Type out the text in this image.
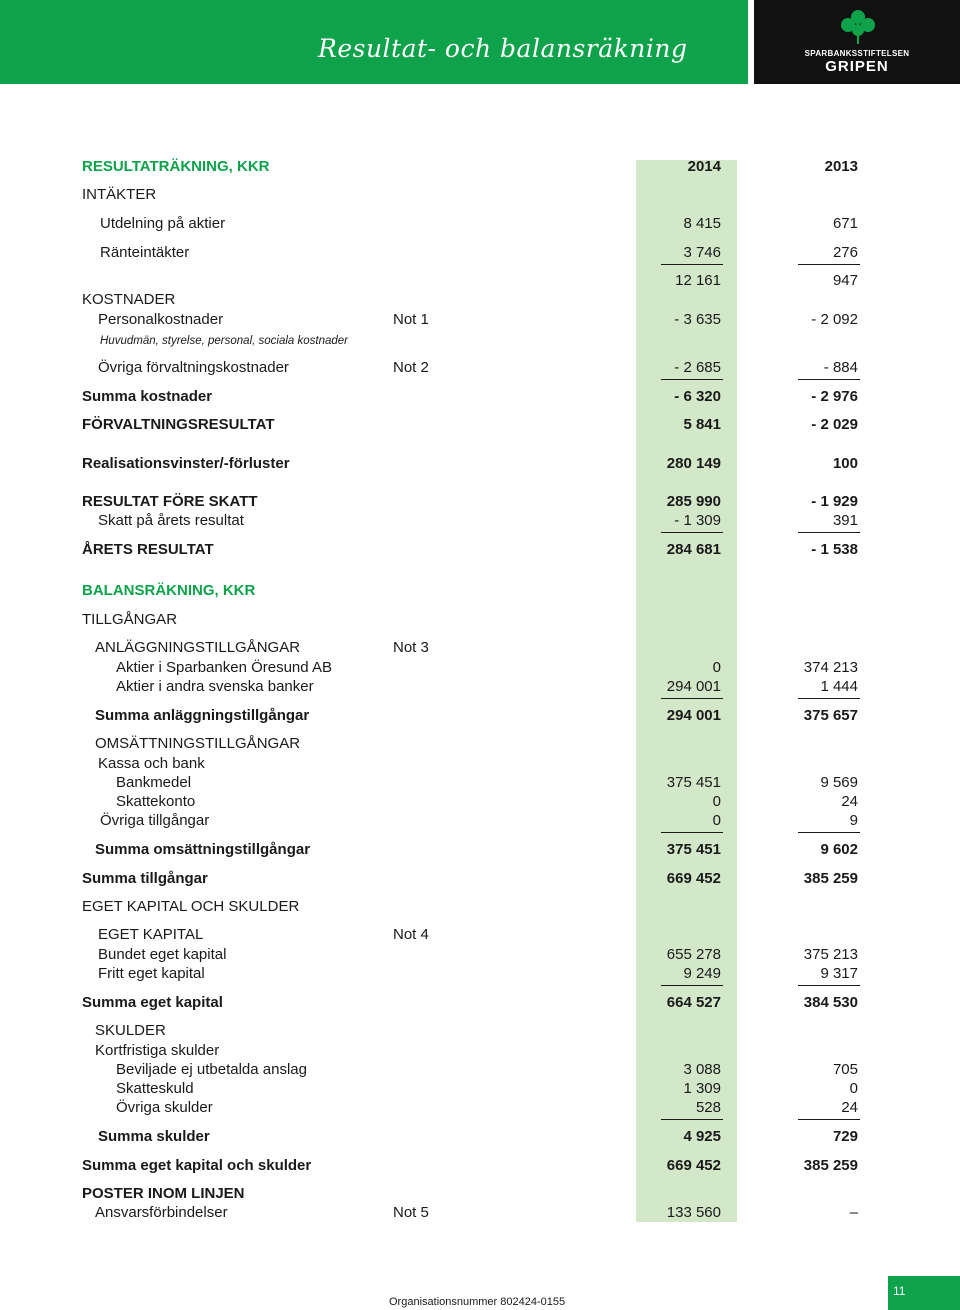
Resultat- och balansräkning	SPARBANKSSTIFTELSEN
GRIPEN
RESULTATRÄKNING, KKR	2014	2013
INTÄKTER
Utdelning på aktier	8 415	671
Ränteintäkter	3 746	276
12 161	947
KOSTNADER
Personalkostnader	Not 1	- 3 635	- 2 092
Huvudmän, styrelse, personal, sociala kostnader
Övriga förvaltningskostnader	Not 2	- 2 685	- 884
Summa kostnader	- 6 320	- 2 976
FÖRVALTNINGSRESULTAT	5 841	- 2 029
Realisationsvinster/-förluster	280 149	100
RESULTAT FÖRE SKATT	285 990	- 1 929
Skatt på årets resultat	- 1 309	391
ÅRETS RESULTAT	284 681	- 1 538
BALANSRÄKNING, KKR
TILLGÅNGAR
ANLÄGGNINGSTILLGÅNGAR	Not 3
Aktier i Sparbanken Öresund AB	0	374 213
Aktier i andra svenska banker	294 001	1 444
Summa anläggningstillgångar	294 001	375 657
OMSÄTTNINGSTILLGÅNGAR
Kassa och bank
Bankmedel	375 451	9 569
Skattekonto	0	24
Övriga tillgångar	0	9
Summa omsättningstillgångar	375 451	9 602
Summa tillgångar	669 452	385 259
EGET KAPITAL OCH SKULDER
EGET KAPITAL	Not 4
Bundet eget kapital	655 278	375 213
Fritt eget kapital	9 249	9 317
Summa eget kapital	664 527	384 530
SKULDER
Kortfristiga skulder
Beviljade ej utbetalda anslag	3 088	705
Skatteskuld	1 309	0
Övriga skulder	528	24
Summa skulder	4 925	729
Summa eget kapital och skulder	669 452	385 259
POSTER INOM LINJEN
Ansvarsförbindelser	Not 5	133 560	–
Organisationsnummer 802424-0155
11
